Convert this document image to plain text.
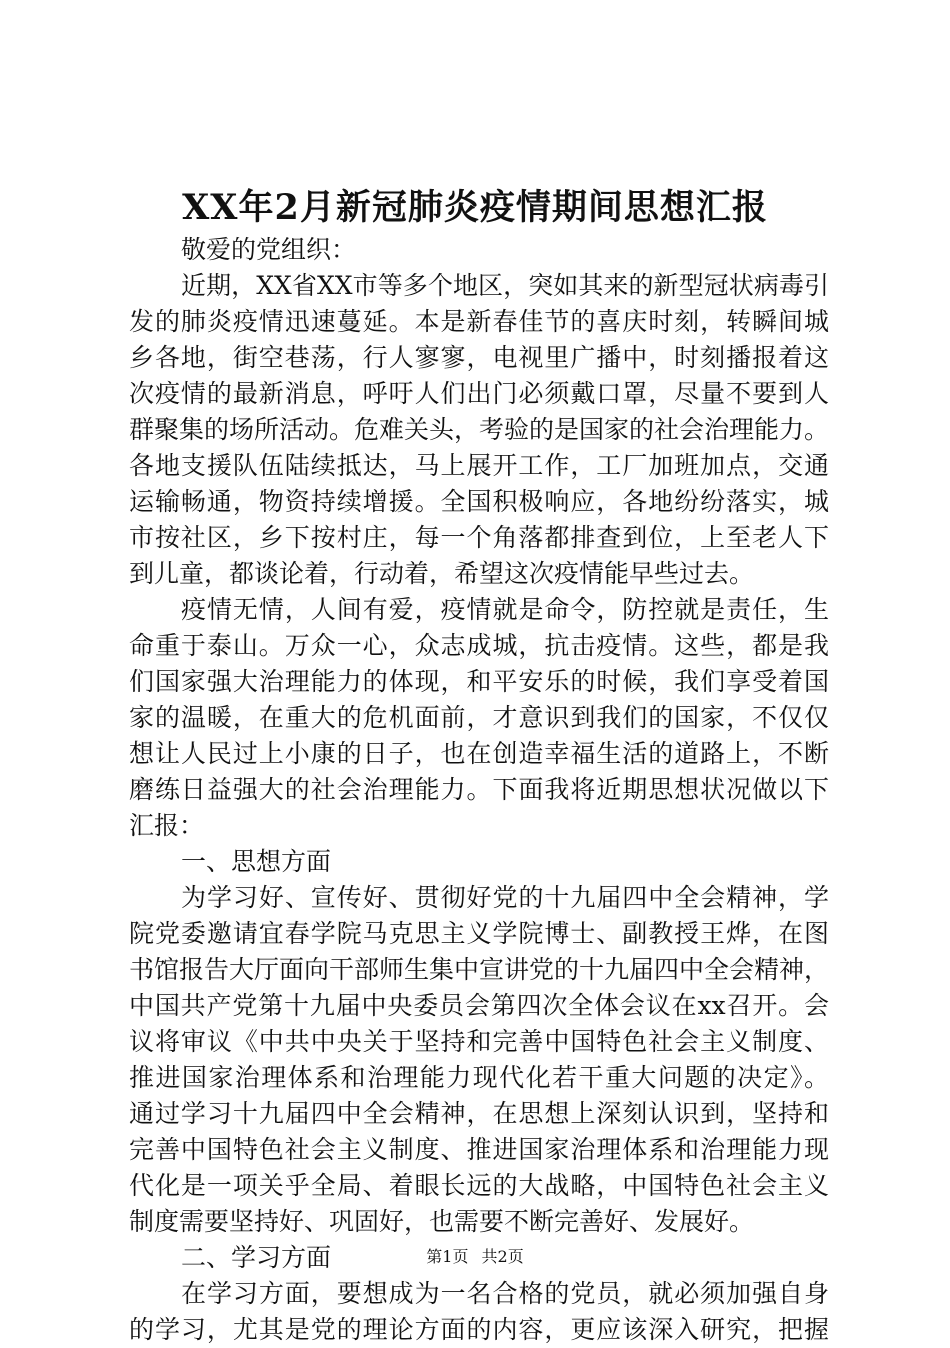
XX年2月新冠肺炎疫情期间思想汇报
敬爱的党组织：
近期，XX省XX市等多个地区，突如其来的新型冠状病毒引
发的肺炎疫情迅速蔓延。本是新春佳节的喜庆时刻，转瞬间城
乡各地，街空巷荡，行人寥寥，电视里广播中，时刻播报着这
次疫情的最新消息，呼吁人们出门必须戴口罩，尽量不要到人
群聚集的场所活动。危难关头，考验的是国家的社会治理能力。
各地支援队伍陆续抵达，马上展开工作，工厂加班加点，交通
运输畅通，物资持续增援。全国积极响应，各地纷纷落实，城
市按社区，乡下按村庄，每一个角落都排查到位，上至老人下
到儿童，都谈论着，行动着，希望这次疫情能早些过去。
疫情无情，人间有爱，疫情就是命令，防控就是责任，生
命重于泰山。万众一心，众志成城，抗击疫情。这些，都是我
们国家强大治理能力的体现，和平安乐的时候，我们享受着国
家的温暖，在重大的危机面前，才意识到我们的国家，不仅仅
想让人民过上小康的日子，也在创造幸福生活的道路上，不断
磨练日益强大的社会治理能力。下面我将近期思想状况做以下
汇报：
一、思想方面
为学习好、宣传好、贯彻好党的十九届四中全会精神，学
院党委邀请宜春学院马克思主义学院博士、副教授王烨，在图
书馆报告大厅面向干部师生集中宣讲党的十九届四中全会精神，
中国共产党第十九届中央委员会第四次全体会议在xx召开。会
议将审议《中共中央关于坚持和完善中国特色社会主义制度、
推进国家治理体系和治理能力现代化若干重大问题的决定》。
通过学习十九届四中全会精神，在思想上深刻认识到，坚持和
完善中国特色社会主义制度、推进国家治理体系和治理能力现
代化是一项关乎全局、着眼长远的大战略，中国特色社会主义
制度需要坚持好、巩固好，也需要不断完善好、发展好。
二、学习方面
在学习方面，要想成为一名合格的党员，就必须加强自身
的学习，尤其是党的理论方面的内容，更应该深入研究，把握
第1页 共2页
